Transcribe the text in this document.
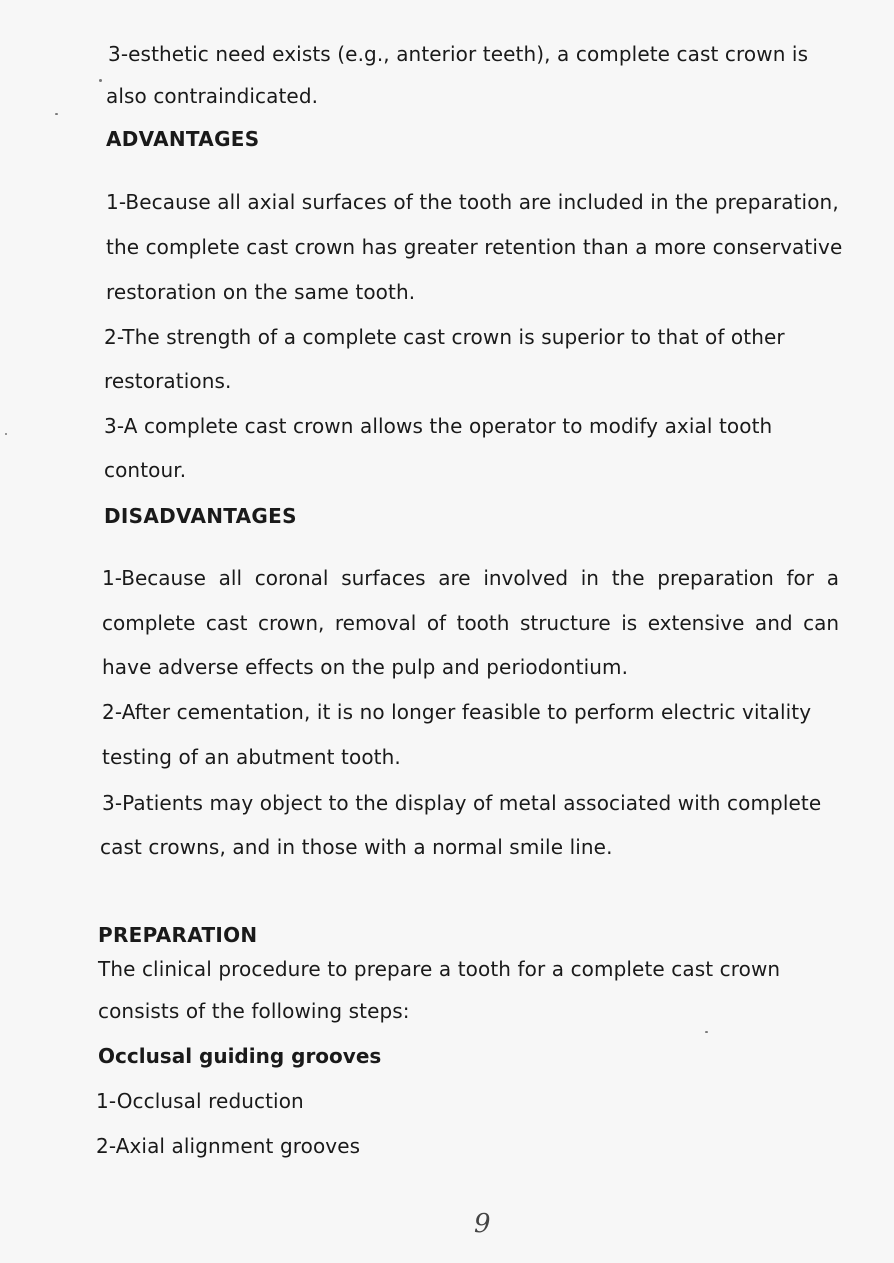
3-esthetic need exists (e.g., anterior teeth), a complete cast crown is

also contraindicated.

ADVANTAGES

1-Because all axial surfaces of the tooth are included in the preparation,

the complete cast crown has greater retention than a more conservative

restoration on the same tooth.

2-The strength of a complete cast crown is superior to that of other

restorations.

3-A complete cast crown allows the operator to modify axial tooth

contour.

DISADVANTAGES

1-Because all coronal surfaces are involved in the preparation for a

complete cast crown, removal of tooth structure is extensive and can

have adverse effects on the pulp and periodontium.

2-After cementation, it is no longer feasible to perform electric vitality

testing of an abutment tooth.

3-Patients may object to the display of metal associated with complete

cast crowns, and in those with a normal smile line.

PREPARATION

The clinical procedure to prepare a tooth for a complete cast crown

consists of the following steps:

Occlusal guiding grooves

1-Occlusal reduction

2-Axial alignment grooves

9
